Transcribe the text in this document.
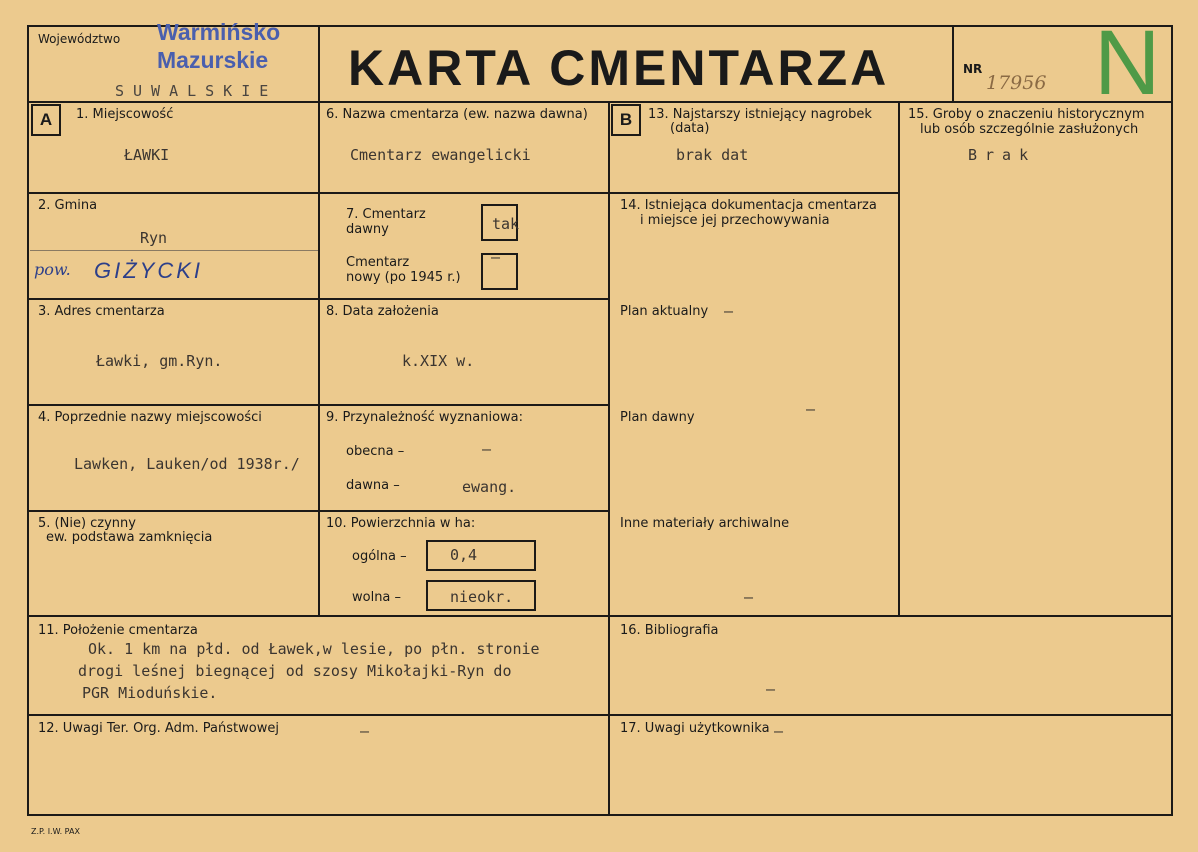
Województwo Warmińsko
Mazurskie
SUWALSKIE KARTA CMENTARZA	NR
17956 N
A	B
1. Miejscowość
ŁAWKI
2. Gmina
Ryn
pow. GIŻYCKI
3. Adres cmentarza
Ławki, gm.Ryn.
4. Poprzednie nazwy miejscowości
Lawken, Lauken/od 1938r./
5. (Nie) czynny
ew. podstawa zamknięcia
6. Nazwa cmentarza (ew. nazwa dawna)
Cmentarz ewangelicki
7. Cmentarz
dawny	tak
Cmentarz
nowy (po 1945 r.)
–
8. Data założenia
k.XIX w.
9. Przynależność wyznaniowa:
obecna –	–
dawna –	ewang.
10. Powierzchnia w ha:
ogólna –	0,4
wolna –	nieokr.
11. Położenie cmentarza
Ok. 1 km na płd. od Ławek,w lesie, po płn. stronie
drogi leśnej biegnącej od szosy Mikołajki-Ryn do
PGR Mioduńskie.
12. Uwagi Ter. Org. Adm. Państwowej	–
13. Najstarszy istniejący nagrobek
(data)
brak dat
14. Istniejąca dokumentacja cmentarza
i miejsce jej przechowywania
Plan aktualny –
Plan dawny	–
Inne materiały archiwalne
–
15. Groby o znaczeniu historycznym
lub osób szczególnie zasłużonych
Brak
16. Bibliografia
–
17. Uwagi użytkownika –
Z.P. I.W. PAX
